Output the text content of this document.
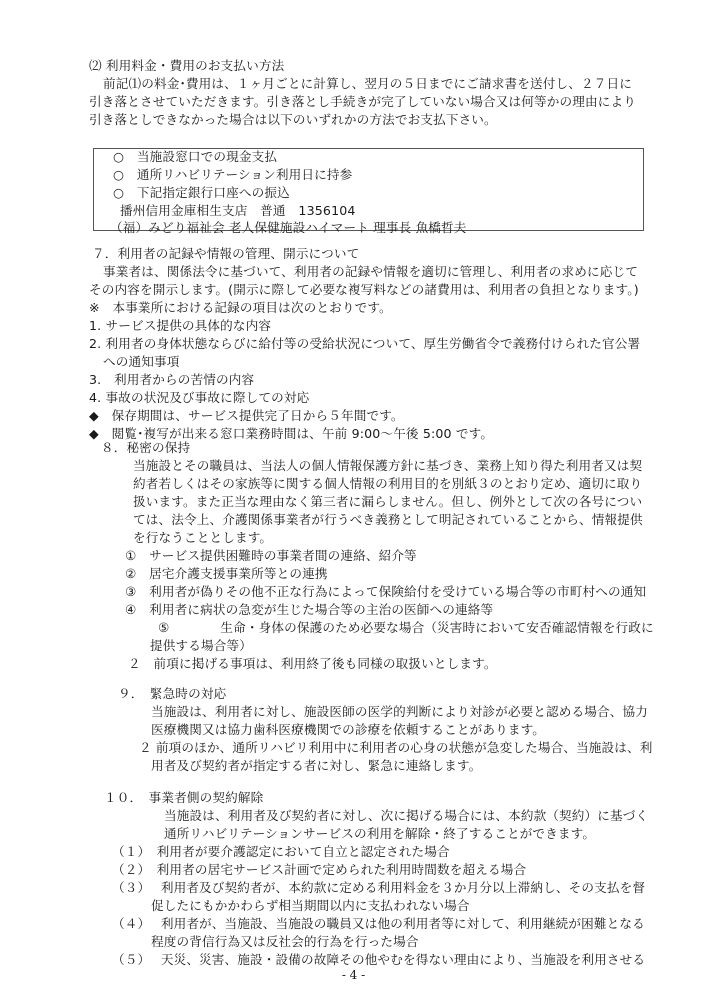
⑵ 利用料金・費用のお支払い方法
前記⑴の料金･費用は、１ヶ月ごとに計算し、翌月の５日までにご請求書を送付し、２７日に
引き落とさせていただきます。引き落とし手続きが完了していない場合又は何等かの理由により
引き落としできなかった場合は以下のいずれかの方法でお支払下さい。
○　当施設窓口での現金支払
○　通所リハビリテーション利用日に持参
○　下記指定銀行口座への振込
播州信用金庫相生支店　普通　1356104
（福）みどり福祉会 老人保健施設ハイマート 理事長 魚橋哲夫
７．利用者の記録や情報の管理、開示について
事業者は、関係法令に基づいて、利用者の記録や情報を適切に管理し、利用者の求めに応じて
その内容を開示します。(開示に際して必要な複写料などの諸費用は、利用者の負担となります。)
※　本事業所における記録の項目は次のとおりです。
1. サービス提供の具体的な内容
2. 利用者の身体状態ならびに給付等の受給状況について、厚生労働省令で義務付けられた官公署
への通知事項
3.　利用者からの苦情の内容
4. 事故の状況及び事故に際しての対応
◆　保存期間は、サービス提供完了日から５年間です。
◆　閲覧･複写が出来る窓口業務時間は、午前 9:00～午後 5:00 です。
８．秘密の保持
当施設とその職員は、当法人の個人情報保護方針に基づき、業務上知り得た利用者又は契
約者若しくはその家族等に関する個人情報の利用目的を別紙３のとおり定め、適切に取り
扱います。また正当な理由なく第三者に漏らしません。但し、例外として次の各号につい
ては、法令上、介護関係事業者が行うべき義務として明記されていることから、情報提供
を行なうこととします。
①　サービス提供困難時の事業者間の連絡、紹介等
②　居宅介護支援事業所等との連携
③　利用者が偽りその他不正な行為によって保険給付を受けている場合等の市町村への通知
④　利用者に病状の急変が生じた場合等の主治の医師への連絡等
⑤　　　　生命・身体の保護のため必要な場合（災害時において安否確認情報を行政に
提供する場合等）
２　前項に掲げる事項は、利用終了後も同様の取扱いとします。
９．　緊急時の対応
当施設は、利用者に対し、施設医師の医学的判断により対診が必要と認める場合、協力
医療機関又は協力歯科医療機関での診療を依頼することがあります。
２ 前項のほか、通所リハビリ利用中に利用者の心身の状態が急変した場合、当施設は、利
用者及び契約者が指定する者に対し、緊急に連絡します。
１０．　事業者側の契約解除
当施設は、利用者及び契約者に対し、次に掲げる場合には、本約款（契約）に基づく
通所リハビリテーションサービスの利用を解除・終了することができます。
（１）　利用者が要介護認定において自立と認定された場合
（２）　利用者の居宅サービス計画で定められた利用時間数を超える場合
（３）　 利用者及び契約者が、本約款に定める利用料金を３か月分以上滞納し、その支払を督
促したにもかかわらず相当期間以内に支払われない場合
（４）　 利用者が、当施設、当施設の職員又は他の利用者等に対して、利用継続が困難となる
程度の背信行為又は反社会的行為を行った場合
（５）　 天災、災害、施設・設備の故障その他やむを得ない理由により、当施設を利用させる
- 4 -
